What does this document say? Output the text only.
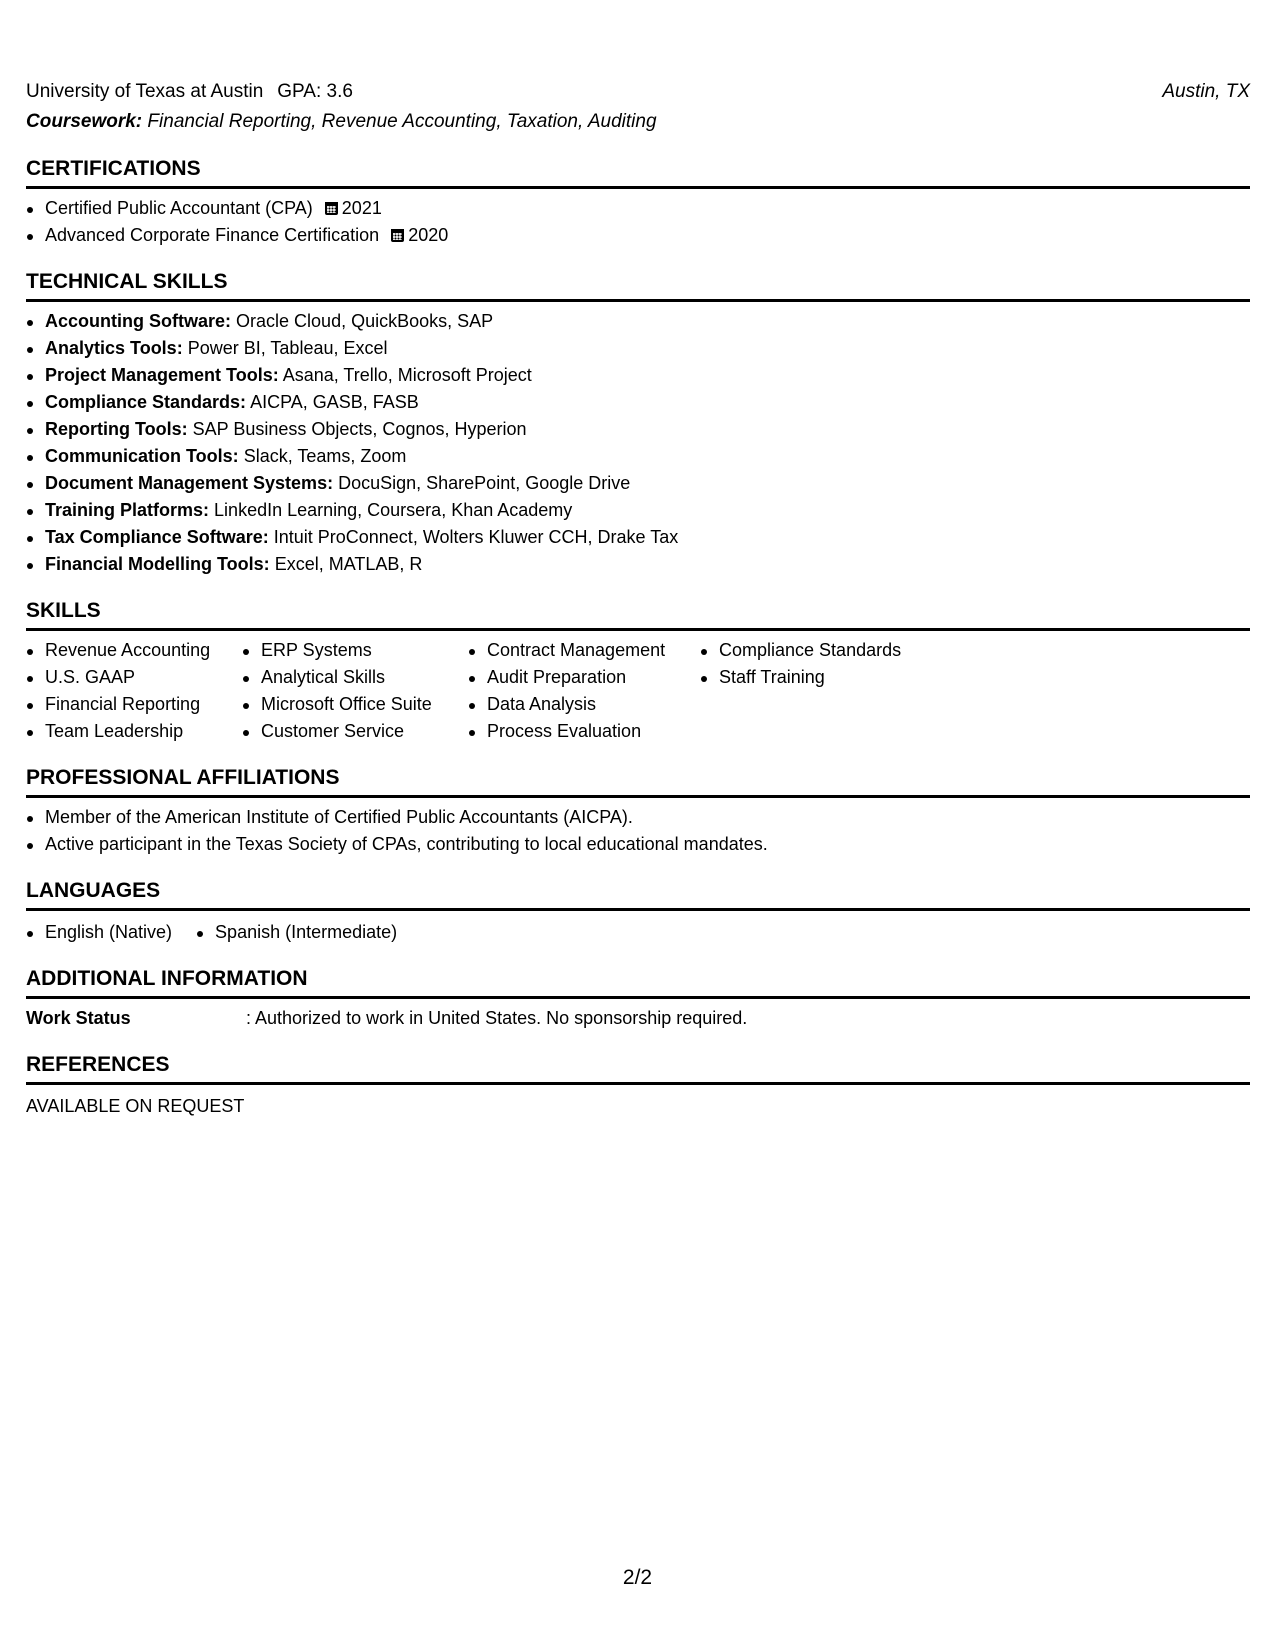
University of Texas at Austin GPA: 3.6	Austin, TX
Coursework: Financial Reporting, Revenue Accounting, Taxation, Auditing
CERTIFICATIONS
Certified Public Accountant (CPA) 2021
Advanced Corporate Finance Certification 2020
TECHNICAL SKILLS
Accounting Software: Oracle Cloud, QuickBooks, SAP
Analytics Tools: Power BI, Tableau, Excel
Project Management Tools: Asana, Trello, Microsoft Project
Compliance Standards: AICPA, GASB, FASB
Reporting Tools: SAP Business Objects, Cognos, Hyperion
Communication Tools: Slack, Teams, Zoom
Document Management Systems: DocuSign, SharePoint, Google Drive
Training Platforms: LinkedIn Learning, Coursera, Khan Academy
Tax Compliance Software: Intuit ProConnect, Wolters Kluwer CCH, Drake Tax
Financial Modelling Tools: Excel, MATLAB, R
SKILLS
Revenue Accounting
U.S. GAAP
Financial Reporting
Team Leadership
ERP Systems
Analytical Skills
Microsoft Office Suite
Customer Service
Contract Management
Audit Preparation
Data Analysis
Process Evaluation
Compliance Standards
Staff Training
PROFESSIONAL AFFILIATIONS
Member of the American Institute of Certified Public Accountants (AICPA).
Active participant in the Texas Society of CPAs, contributing to local educational mandates.
LANGUAGES
English (Native)	Spanish (Intermediate)
ADDITIONAL INFORMATION
Work Status	: Authorized to work in United States. No sponsorship required.
REFERENCES
AVAILABLE ON REQUEST
2/2
